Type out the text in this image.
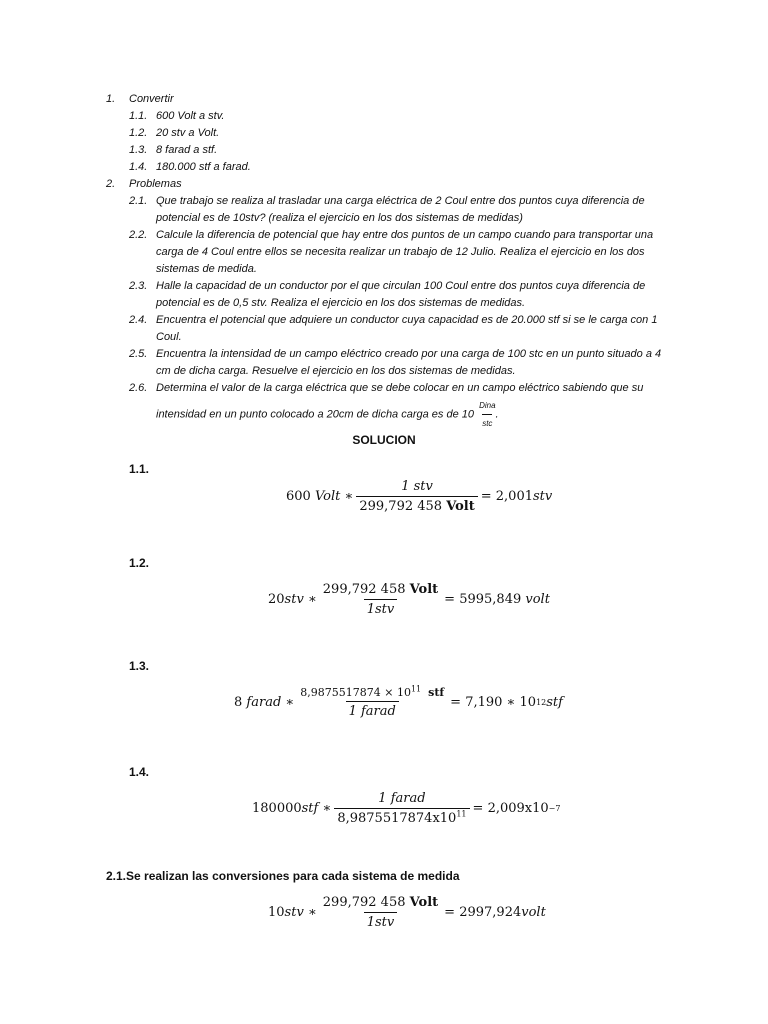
1. Convertir
1.1. 600 Volt a stv.
1.2. 20 stv a Volt.
1.3. 8 farad a stf.
1.4. 180.000 stf a farad.
2. Problemas
2.1. Que trabajo se realiza al trasladar una carga eléctrica de 2 Coul entre dos puntos cuya diferencia de potencial es de 10stv? (realiza el ejercicio en los dos sistemas de medidas)
2.2. Calcule la diferencia de potencial que hay entre dos puntos de un campo cuando para transportar una carga de 4 Coul entre ellos se necesita realizar un trabajo de 12 Julio. Realiza el ejercicio en los dos sistemas de medida.
2.3. Halle la capacidad de un conductor por el que circulan 100 Coul entre dos puntos cuya diferencia de potencial es de 0,5 stv. Realiza el ejercicio en los dos sistemas de medidas.
2.4. Encuentra el potencial que adquiere un conductor cuya capacidad es de 20.000 stf si se le carga con 1 Coul.
2.5. Encuentra la intensidad de un campo eléctrico creado por una carga de 100 stc en un punto situado a 4 cm de dicha carga. Resuelve el ejercicio en los dos sistemas de medidas.
2.6. Determina el valor de la carga eléctrica que se debe colocar en un campo eléctrico sabiendo que su intensidad en un punto colocado a 20cm de dicha carga es de $10 \frac{\text{Dina}}{\text{stc}}$ .
SOLUCION
1.1.
600
Volt
∗ $\frac{\text{1 stv}}{\text{299,792 458 Volt}}$ =
2,001 stv
1.2.
20 stv
∗ $\frac{\text{299,792 458 Volt}}{\text{1stv}}$ =
5995,849
volt
1.3.
8
farad
∗ $\frac{8,9875517874 \times 10^{11} stf}{\text{1 farad}}$ =
7,190 ∗ 10 12 stf
1.4.
180000 stf
∗ $\frac{\text{1 farad}}{8,9875517874x10^{11}}$ =
2,009x10 −7
2.1.Se realizan las conversiones para cada sistema de medida
10 stv
∗ $\frac{\text{299,792 458 Volt}}{\text{1stv}}$ =
2997,924 volt
